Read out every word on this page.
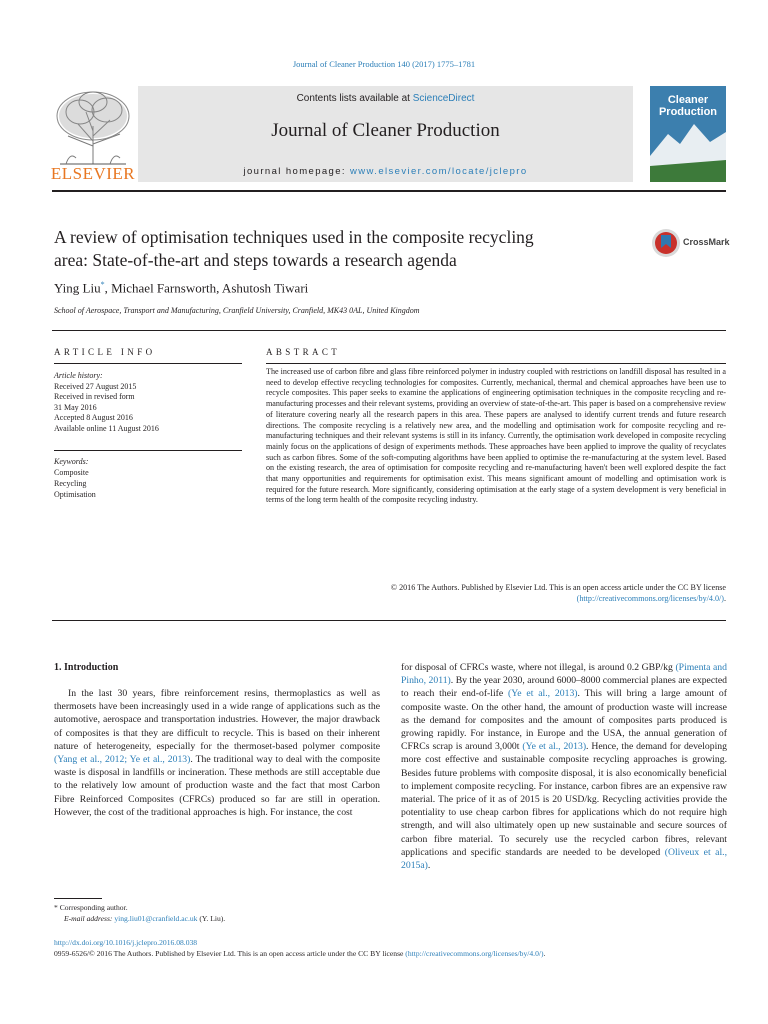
Journal of Cleaner Production 140 (2017) 1775–1781
ELSEVIER
Contents lists available at ScienceDirect
Journal of Cleaner Production
journal homepage: www.elsevier.com/locate/jclepro
Cleaner
Production
A review of optimisation techniques used in the composite recycling
area: State-of-the-art and steps towards a research agenda
CrossMark
Ying Liu*, Michael Farnsworth, Ashutosh Tiwari
School of Aerospace, Transport and Manufacturing, Cranfield University, Cranfield, MK43 0AL, United Kingdom
ARTICLE INFO
Article history:
Received 27 August 2015
Received in revised form
31 May 2016
Accepted 8 August 2016
Available online 11 August 2016
Keywords:
Composite
Recycling
Optimisation
ABSTRACT
The increased use of carbon fibre and glass fibre reinforced polymer in industry coupled with restrictions on landfill disposal has resulted in a need to develop effective recycling technologies for composites. Currently, mechanical, thermal and chemical approaches have been use to recycle composites. This paper seeks to examine the applications of engineering optimisation techniques in the composite recycling and re-manufacturing processes and their relevant systems, providing an overview of state-of-the-art. This paper is based on a comprehensive review of literature covering nearly all the research papers in this area. These papers are analysed to identify current trends and future research directions. The composite recycling is a relatively new area, and the modelling and optimisation work for composite recycling and re-manufacturing techniques and their relevant systems is still in its infancy. Currently, the optimisation work developed in composite recycling mainly focus on the applications of design of experiments methods. These approaches have been applied to improve the quality of recyclates such as carbon fibres. Some of the soft-computing algorithms have been applied to optimise the re-manufacturing at the system level. Based on the existing research, the area of optimisation for composite recycling and re-manufacturing haven't been well explored despite the fact that many opportunities and requirements for optimisation exist. This means significant amount of modelling and optimisation work is required for the future research. More significantly, considering optimisation at the early stage of a system development is very beneficial in terms of the long term health of the composite recycling industry.
© 2016 The Authors. Published by Elsevier Ltd. This is an open access article under the CC BY license
(http://creativecommons.org/licenses/by/4.0/).
1. Introduction

In the last 30 years, fibre reinforcement resins, thermoplastics as well as thermosets have been increasingly used in a wide range of applications such as the automotive, aerospace and transportation industries. However, the major drawback of composites is that they are difficult to recycle. This is based on their inherent nature of heterogeneity, especially for the thermoset-based polymer composite (Yang et al., 2012; Ye et al., 2013). The traditional way to deal with the composite waste is disposal in landfills or incineration. These methods are still acceptable due to the relatively low amount of production waste and the fact that most Carbon Fibre Reinforced Composites (CFRCs) produced so far are still in operation. However, the cost of the traditional approaches is high. For instance, the cost

for disposal of CFRCs waste, where not illegal, is around 0.2 GBP/kg (Pimenta and Pinho, 2011). By the year 2030, around 6000–8000 commercial planes are expected to reach their end-of-life (Ye et al., 2013). This will bring a large amount of composite waste. On the other hand, the amount of production waste will increase as the demand for composites and the amount of composites parts produced is growing rapidly. For instance, in Europe and the USA, the annual generation of CFRCs scrap is around 3,000t (Ye et al., 2013). Hence, the demand for developing more cost effective and sustainable composite recycling approaches is growing. Besides future problems with composite disposal, it is also economically beneficial to implement composite recycling. For instance, carbon fibres are an expensive raw material. The price of it as of 2015 is 20 USD/kg. Recycling activities provide the potentiality to use cheap carbon fibres for applications which do not require high strength, and will also ultimately open up new sustainable and secure sources of carbon fibre material. To securely use the recycled carbon fibres, relevant applications and specific standards are needed to be developed (Oliveux et al., 2015a).

* Corresponding author.
E-mail address: ying.liu01@cranfield.ac.uk (Y. Liu).
http://dx.doi.org/10.1016/j.jclepro.2016.08.038
0959-6526/© 2016 The Authors. Published by Elsevier Ltd. This is an open access article under the CC BY license (http://creativecommons.org/licenses/by/4.0/).
